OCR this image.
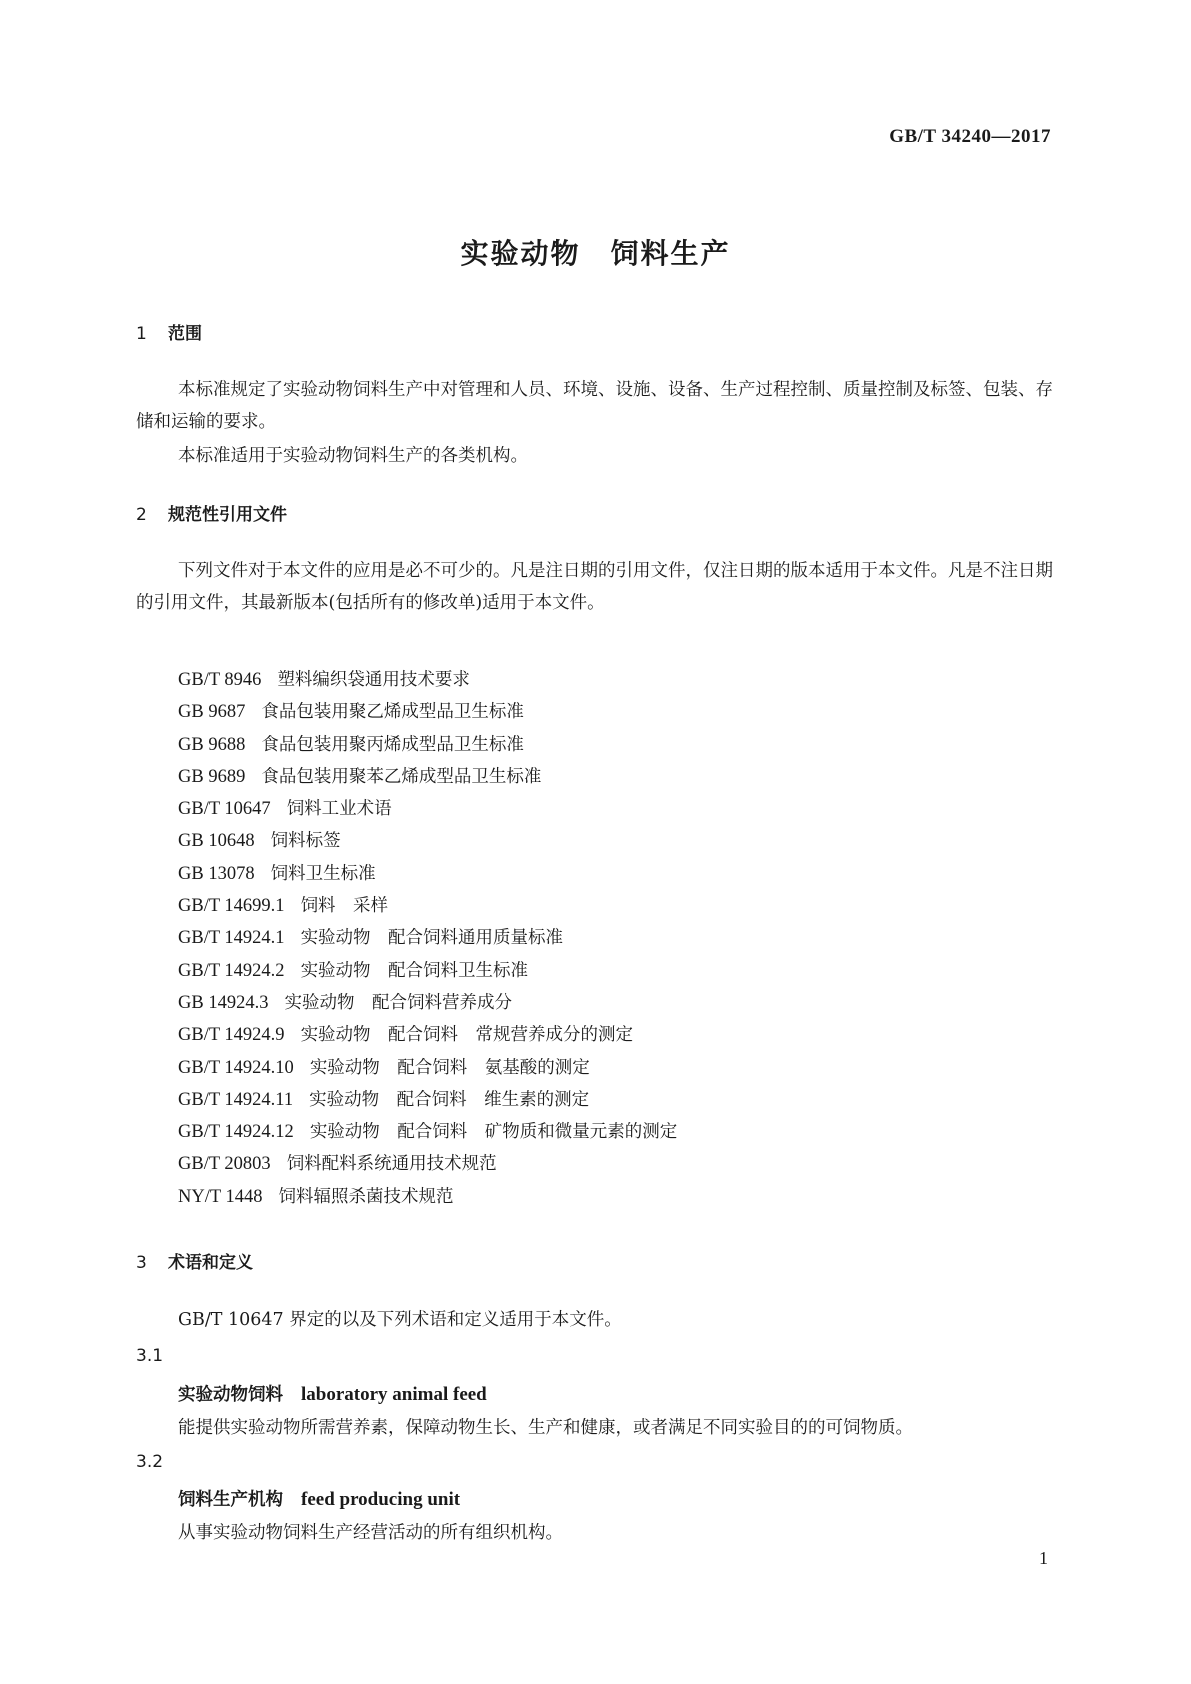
GB/T 34240—2017
实验动物　饲料生产
1 范围
本标准规定了实验动物饲料生产中对管理和人员、环境、设施、设备、生产过程控制、质量控制及标签、包装、存储和运输的要求。
本标准适用于实验动物饲料生产的各类机构。
2 规范性引用文件
下列文件对于本文件的应用是必不可少的。凡是注日期的引用文件，仅注日期的版本适用于本文件。凡是不注日期的引用文件，其最新版本(包括所有的修改单)适用于本文件。
GB/T 8946 塑料编织袋通用技术要求
GB 9687 食品包装用聚乙烯成型品卫生标准
GB 9688 食品包装用聚丙烯成型品卫生标准
GB 9689 食品包装用聚苯乙烯成型品卫生标准
GB/T 10647 饲料工业术语
GB 10648 饲料标签
GB 13078 饲料卫生标准
GB/T 14699.1 饲料　采样
GB/T 14924.1 实验动物　配合饲料通用质量标准
GB/T 14924.2 实验动物　配合饲料卫生标准
GB 14924.3 实验动物　配合饲料营养成分
GB/T 14924.9 实验动物　配合饲料　常规营养成分的测定
GB/T 14924.10 实验动物　配合饲料　氨基酸的测定
GB/T 14924.11 实验动物　配合饲料　维生素的测定
GB/T 14924.12 实验动物　配合饲料　矿物质和微量元素的测定
GB/T 20803 饲料配料系统通用技术规范
NY/T 1448 饲料辐照杀菌技术规范
3 术语和定义
GB/T 10647 界定的以及下列术语和定义适用于本文件。
3.1
实验动物饲料 laboratory animal feed
能提供实验动物所需营养素，保障动物生长、生产和健康，或者满足不同实验目的的可饲物质。
3.2
饲料生产机构 feed producing unit
从事实验动物饲料生产经营活动的所有组织机构。
1
